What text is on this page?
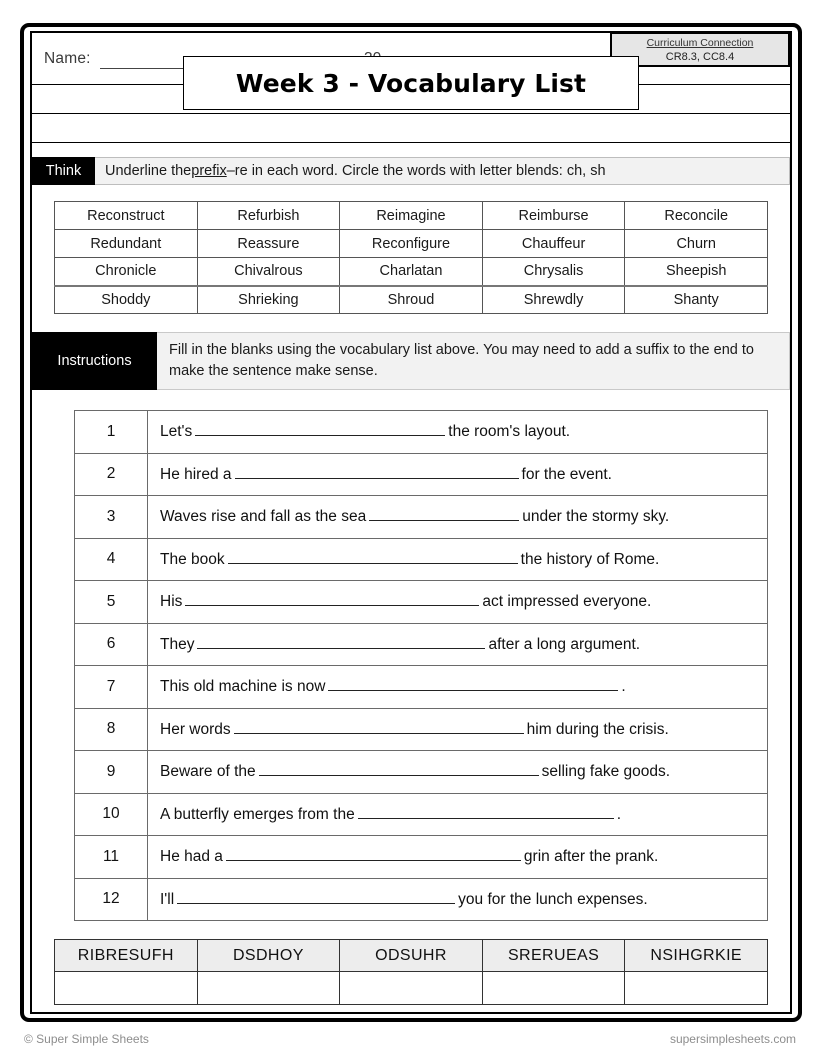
Name:
Curriculum Connection
CR8.3, CC8.4
Week 3 - Vocabulary List
Think	Underline the prefix –re in each word. Circle the words with letter blends: ch, sh
Reconstruct	Refurbish	Reimagine	Reimburse	Reconcile
Redundant	Reassure	Reconfigure	Chauffeur	Churn
Chronicle	Chivalrous	Charlatan	Chrysalis	Sheepish
Shoddy	Shrieking	Shroud	Shrewdly	Shanty
Instructions
Fill in the blanks using the vocabulary list above. You may need to add a suffix to the end to make the sentence make sense.
1	Let's the room's layout.
2	He hired a for the event.
3	Waves rise and fall as the sea under the stormy sky.
4	The book the history of Rome.
5	His act impressed everyone.
6	They after a long argument.
7	This old machine is now .
8	Her words him during the crisis.
9	Beware of the selling fake goods.
10	A butterfly emerges from the .
11	He had a grin after the prank.
12	I'll you for the lunch expenses.
RIBRESUFH	DSDHOY	ODSUHR	SRERUEAS	NSIHGRKIE

© Super Simple Sheets	supersimplesheets.com
